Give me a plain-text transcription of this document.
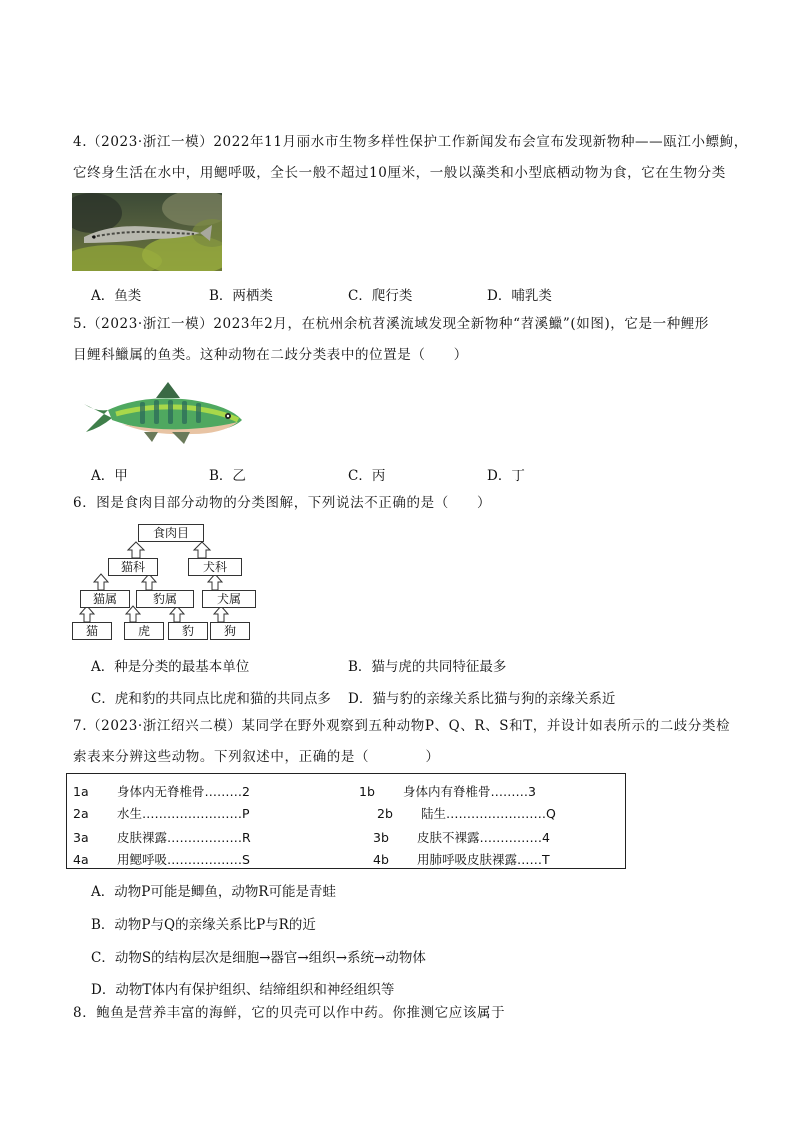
4.（2023·浙江一模）2022年11月丽水市生物多样性保护工作新闻发布会宣布发现新物种——瓯江小鳔鮈，
它终身生活在水中，用鳃呼吸，全长一般不超过10厘米，一般以藻类和小型底栖动物为食，它在生物分类
A．鱼类	B．两栖类	C．爬行类	D．哺乳类
5.（2023·浙江一模）2023年2月，在杭州余杭苕溪流域发现全新物种“苕溪鱲”(如图)，它是一种鲤形
目鲤科鱲属的鱼类。这种动物在二歧分类表中的位置是（　　）
A．甲	B．乙	C．丙	D．丁
6．图是食肉目部分动物的分类图解，下列说法不正确的是（　　）
食肉目
猫科	犬科
猫属	豹属	犬属
猫	虎	豹	狗
A．种是分类的最基本单位	B．猫与虎的共同特征最多
C．虎和豹的共同点比虎和猫的共同点多 D．猫与豹的亲缘关系比猫与狗的亲缘关系近
7.（2023·浙江绍兴二模）某同学在野外观察到五种动物P、Q、R、S和T，并设计如表所示的二歧分类检
索表来分辨这些动物。下列叙述中，正确的是（　　　　）
1a 身体内无脊椎骨………2	1b 身体内有脊椎骨………3
2a 水生……………………P	2b 陆生……………………Q
3a 皮肤裸露………………R	3b 皮肤不裸露……………4
4a 用鳃呼吸………………S	4b 用肺呼吸皮肤裸露……T
A．动物P可能是鲫鱼，动物R可能是青蛙
B．动物P与Q的亲缘关系比P与R的近
C．动物S的结构层次是细胞→器官→组织→系统→动物体
D．动物T体内有保护组织、结缔组织和神经组织等
8．鲍鱼是营养丰富的海鲜，它的贝壳可以作中药。你推测它应该属于
